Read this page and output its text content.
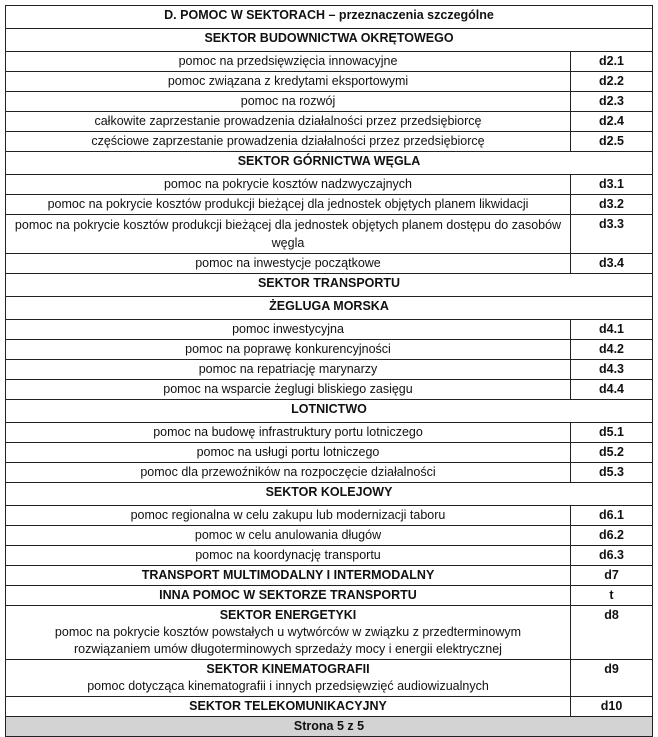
D. POMOC W SEKTORACH – przeznaczenia szczególne	
SEKTOR BUDOWNICTWA OKRĘTOWEGO	
pomoc na przedsięwzięcia innowacyjne	d2.1
pomoc związana z kredytami eksportowymi	d2.2
pomoc na rozwój	d2.3
całkowite zaprzestanie prowadzenia działalności przez przedsiębiorcę	d2.4
częściowe zaprzestanie prowadzenia działalności przez przedsiębiorcę	d2.5
SEKTOR GÓRNICTWA WĘGLA	
pomoc na pokrycie kosztów nadzwyczajnych	d3.1
pomoc na pokrycie kosztów produkcji bieżącej dla jednostek objętych planem likwidacji	d3.2
pomoc na pokrycie kosztów produkcji bieżącej dla jednostek objętych planem dostępu do zasobów węgla	d3.3
pomoc na inwestycje początkowe	d3.4
SEKTOR TRANSPORTU	
ŻEGLUGA MORSKA	
pomoc inwestycyjna	d4.1
pomoc na poprawę konkurencyjności	d4.2
pomoc na repatriację marynarzy	d4.3
pomoc na wsparcie żeglugi bliskiego zasięgu	d4.4
LOTNICTWO	
pomoc na budowę infrastruktury portu lotniczego	d5.1
pomoc na usługi portu lotniczego	d5.2
pomoc dla przewoźników na rozpoczęcie działalności	d5.3
SEKTOR KOLEJOWY	
pomoc regionalna w celu zakupu lub modernizacji taboru	d6.1
pomoc w celu anulowania długów	d6.2
pomoc na koordynację transportu	d6.3
TRANSPORT MULTIMODALNY I INTERMODALNY	d7
INNA POMOC W SEKTORZE TRANSPORTU	t

SEKTOR ENERGETYKI
pomoc na pokrycie kosztów powstałych u wytwórców w związku z przedterminowym
rozwiązaniem umów długoterminowych sprzedaży mocy i energii elektrycznej	d8

SEKTOR KINEMATOGRAFII
pomoc dotycząca kinematografii i innych przedsięwzięć audiowizualnych	d9
SEKTOR TELEKOMUNIKACYJNY	d10
Strona 5 z 5	
